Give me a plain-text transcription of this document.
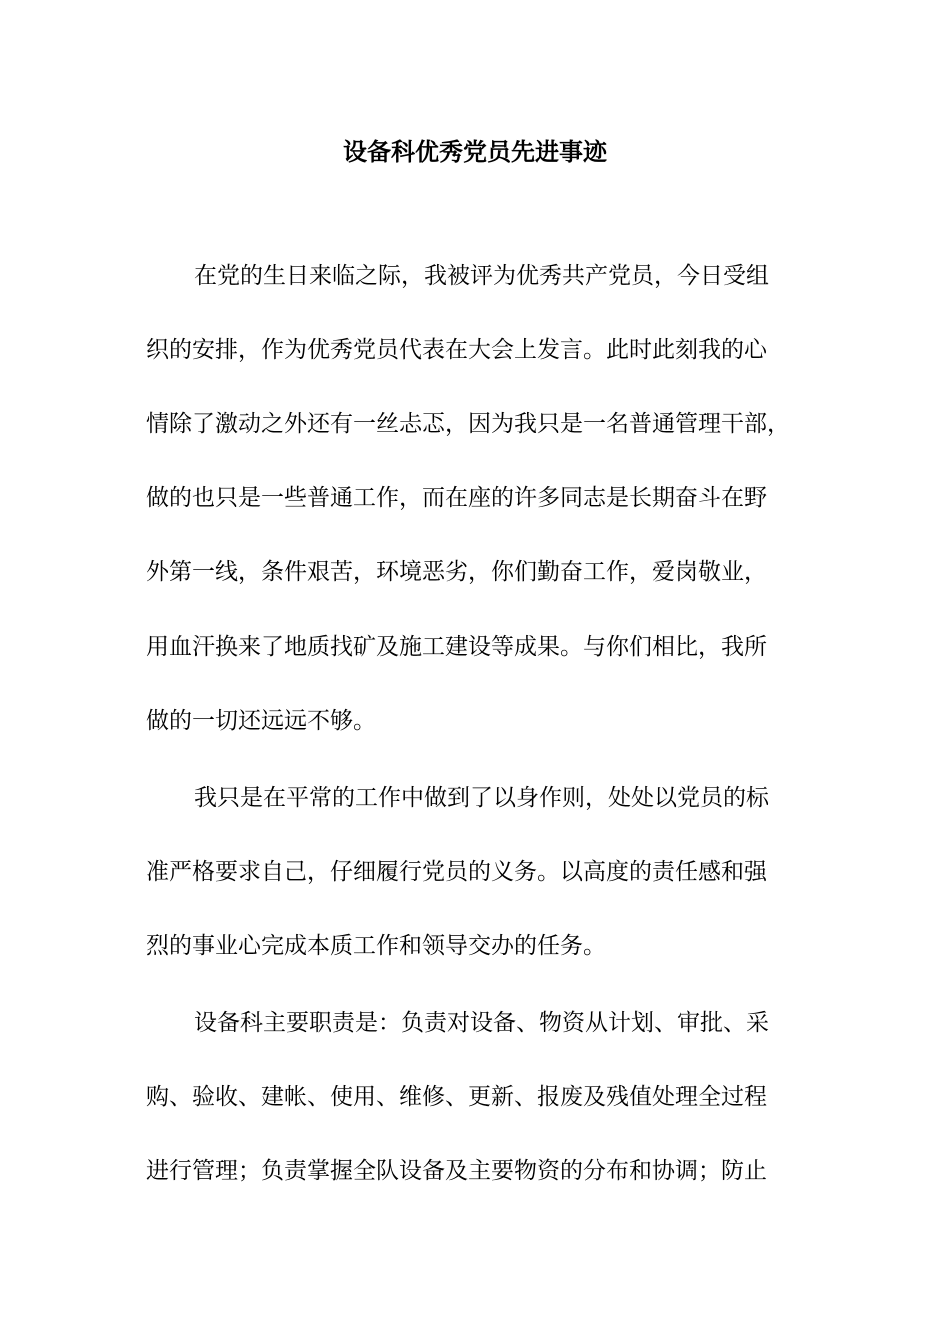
设备科优秀党员先进事迹
在党的生日来临之际，我被评为优秀共产党员，今日受组
织的安排，作为优秀党员代表在大会上发言。此时此刻我的心
情除了激动之外还有一丝忐忑，因为我只是一名普通管理干部，
做的也只是一些普通工作，而在座的许多同志是长期奋斗在野
外第一线，条件艰苦，环境恶劣，你们勤奋工作，爱岗敬业，
用血汗换来了地质找矿及施工建设等成果。与你们相比，我所
做的一切还远远不够。
我只是在平常的工作中做到了以身作则，处处以党员的标
准严格要求自己，仔细履行党员的义务。以高度的责任感和强
烈的事业心完成本质工作和领导交办的任务。
设备科主要职责是：负责对设备、物资从计划、审批、采
购、验收、建帐、使用、维修、更新、报废及残值处理全过程
进行管理；负责掌握全队设备及主要物资的分布和协调；防止
